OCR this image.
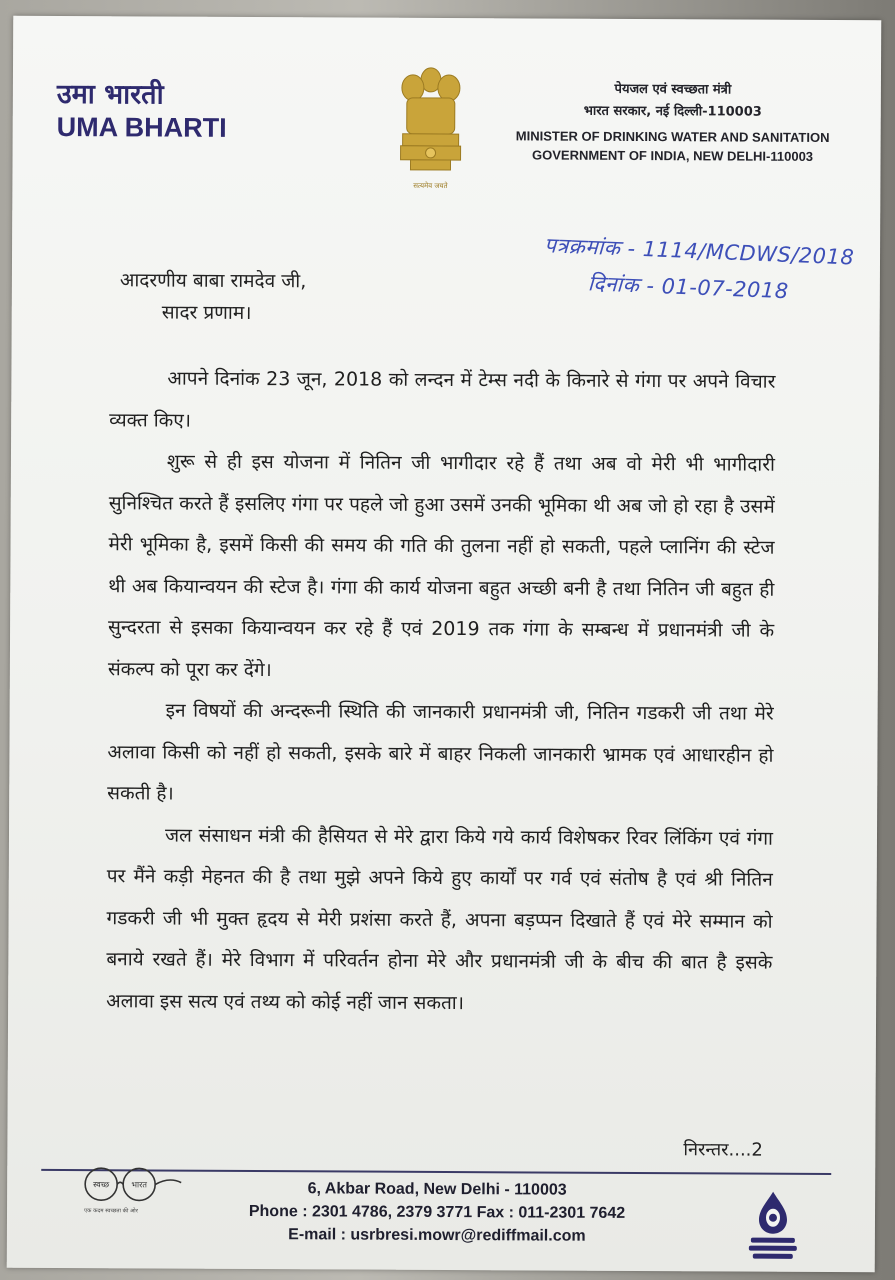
उमा भारती
UMA BHARTI
सत्यमेव जयते
पेयजल एवं स्वच्छता मंत्री
भारत सरकार, नई दिल्ली-110003
MINISTER OF DRINKING WATER AND SANITATION
GOVERNMENT OF INDIA, NEW DELHI-110003
पत्रक्रमांक - 1114/MCDWS/2018
दिनांक - 01-07-2018
आदरणीय बाबा रामदेव जी,
सादर प्रणाम।

आपने दिनांक 23 जून, 2018 को लन्दन में टेम्स नदी के किनारे से गंगा पर अपने विचार व्यक्त किए।

शुरू से ही इस योजना में नितिन जी भागीदार रहे हैं तथा अब वो मेरी भी भागीदारी सुनिश्चित करते हैं इसलिए गंगा पर पहले जो हुआ उसमें उनकी भूमिका थी अब जो हो रहा है उसमें मेरी भूमिका है, इसमें किसी की समय की गति की तुलना नहीं हो सकती, पहले प्लानिंग की स्टेज थी अब कियान्वयन की स्टेज है। गंगा की कार्य योजना बहुत अच्छी बनी है तथा नितिन जी बहुत ही सुन्दरता से इसका कियान्वयन कर रहे हैं एवं 2019 तक गंगा के सम्बन्ध में प्रधानमंत्री जी के संकल्प को पूरा कर देंगे।

इन विषयों की अन्दरूनी स्थिति की जानकारी प्रधानमंत्री जी, नितिन गडकरी जी तथा मेरे अलावा किसी को नहीं हो सकती, इसके बारे में बाहर निकली जानकारी भ्रामक एवं आधारहीन हो सकती है।

जल संसाधन मंत्री की हैसियत से मेरे द्वारा किये गये कार्य विशेषकर रिवर लिंकिंग एवं गंगा पर मैंने कड़ी मेहनत की है तथा मुझे अपने किये हुए कार्यों पर गर्व एवं संतोष है एवं श्री नितिन गडकरी जी भी मुक्त हृदय से मेरी प्रशंसा करते हैं, अपना बड़प्पन दिखाते हैं एवं मेरे सम्मान को बनाये रखते हैं। मेरे विभाग में परिवर्तन होना मेरे और प्रधानमंत्री जी के बीच की बात है इसके अलावा इस सत्य एवं तथ्य को कोई नहीं जान सकता।

निरन्तर....2
स्वच्छ	भारत
एक कदम स्वच्छता की ओर
6, Akbar Road, New Delhi - 110003
Phone : 2301 4786, 2379 3771 Fax : 011-2301 7642
E-mail : usrbresi.mowr@rediffmail.com
